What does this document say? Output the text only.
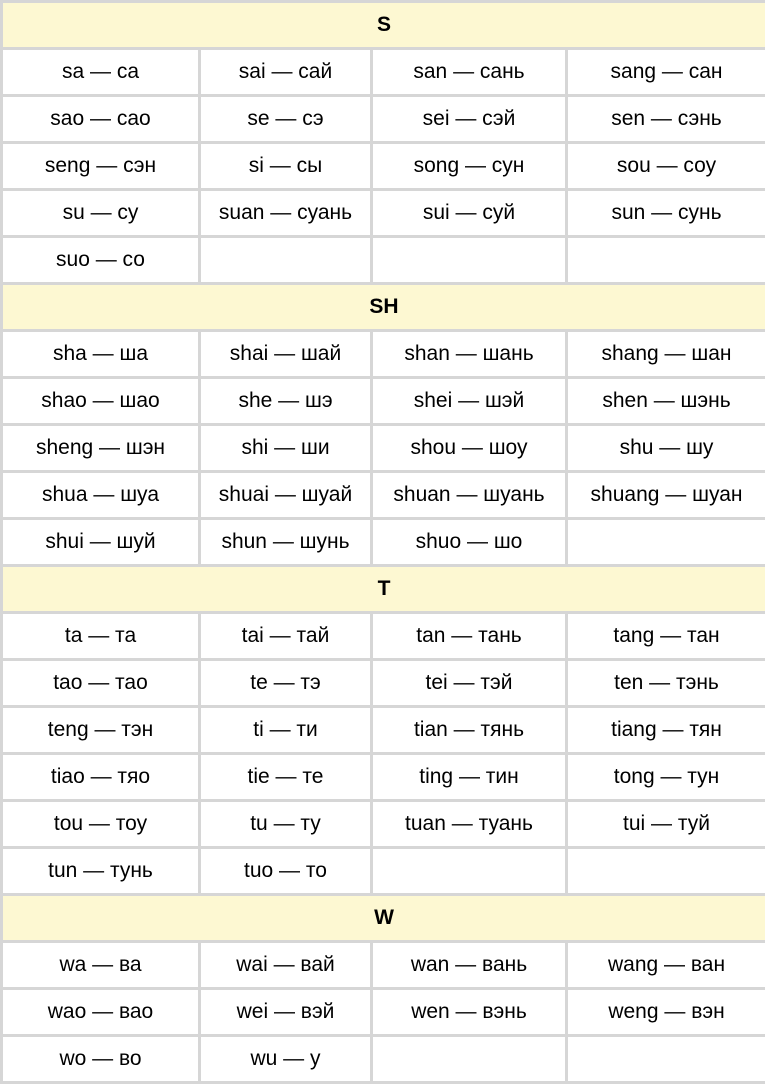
S			
sa — са	sai — сай	san — сань	sang — сан
sao — сао	se — сэ	sei — сэй	sen — сэнь
seng — сэн	si — сы	song — сун	sou — соу
su — су	suan — суань	sui — суй	sun — сунь
suo — со			
SH			
sha — ша	shai — шай	shan — шань	shang — шан
shao — шао	she — шэ	shei — шэй	shen — шэнь
sheng — шэн	shi — ши	shou — шоу	shu — шу
shua — шуа	shuai — шуай	shuan — шуань	shuang — шуан
shui — шуй	shun — шунь	shuo — шо	
T			
ta — та	tai — тай	tan — тань	tang — тан
tao — тао	te — тэ	tei — тэй	ten — тэнь
teng — тэн	ti — ти	tian — тянь	tiang — тян
tiao — тяо	tie — те	ting — тин	tong — тун
tou — тоу	tu — ту	tuan — туань	tui — туй
tun — тунь	tuo — то		
W			
wa — ва	wai — вай	wan — вань	wang — ван
wao — вао	wei — вэй	wen — вэнь	weng — вэн
wo — во	wu — у		
